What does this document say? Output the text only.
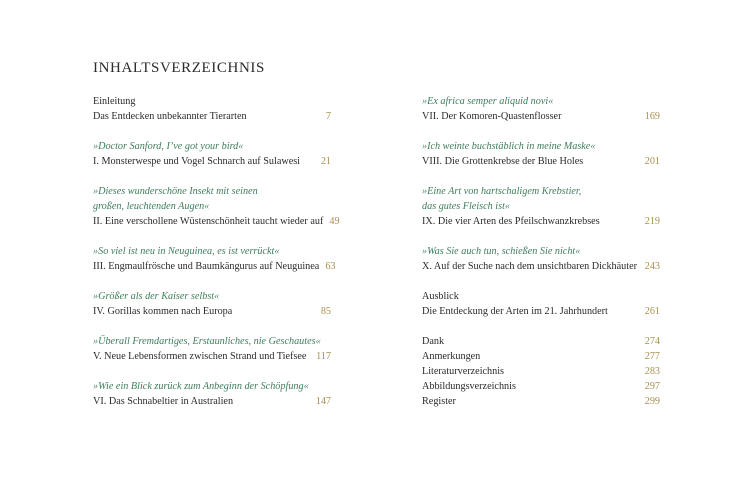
INHALTSVERZEICHNIS
Einleitung
Das Entdecken unbekannter Tierarten	7
»Doctor Sanford, I’ve got your bird«
I. Monsterwespe und Vogel Schnarch auf Sulawesi	21
»Dieses wunderschöne Insekt mit seinen
großen, leuchtenden Augen«
II. Eine verschollene Wüstenschönheit taucht wieder auf 49
»So viel ist neu in Neuguinea, es ist verrückt«
III. Engmaulfrösche und Baumkängurus auf Neuguinea 63
»Größer als der Kaiser selbst«
IV. Gorillas kommen nach Europa	85
»Überall Fremdartiges, Erstaunliches, nie Geschautes«
V. Neue Lebensformen zwischen Strand und Tiefsee 117
»Wie ein Blick zurück zum Anbeginn der Schöpfung«
VI. Das Schnabeltier in Australien	147
»Ex africa semper aliquid novi«
VII. Der Komoren-Quastenflosser	169
»Ich weinte buchstäblich in meine Maske«
VIII. Die Grottenkrebse der Blue Holes	201
»Eine Art von hartschaligem Krebstier,
das gutes Fleisch ist«
IX. Die vier Arten des Pfeilschwanzkrebses	219
»Was Sie auch tun, schießen Sie nicht«
X. Auf der Suche nach dem unsichtbaren Dickhäuter 243
Ausblick
Die Entdeckung der Arten im 21. Jahrhundert	261
Dank	274
Anmerkungen	277
Literaturverzeichnis	283
Abbildungsverzeichnis	297
Register	299
